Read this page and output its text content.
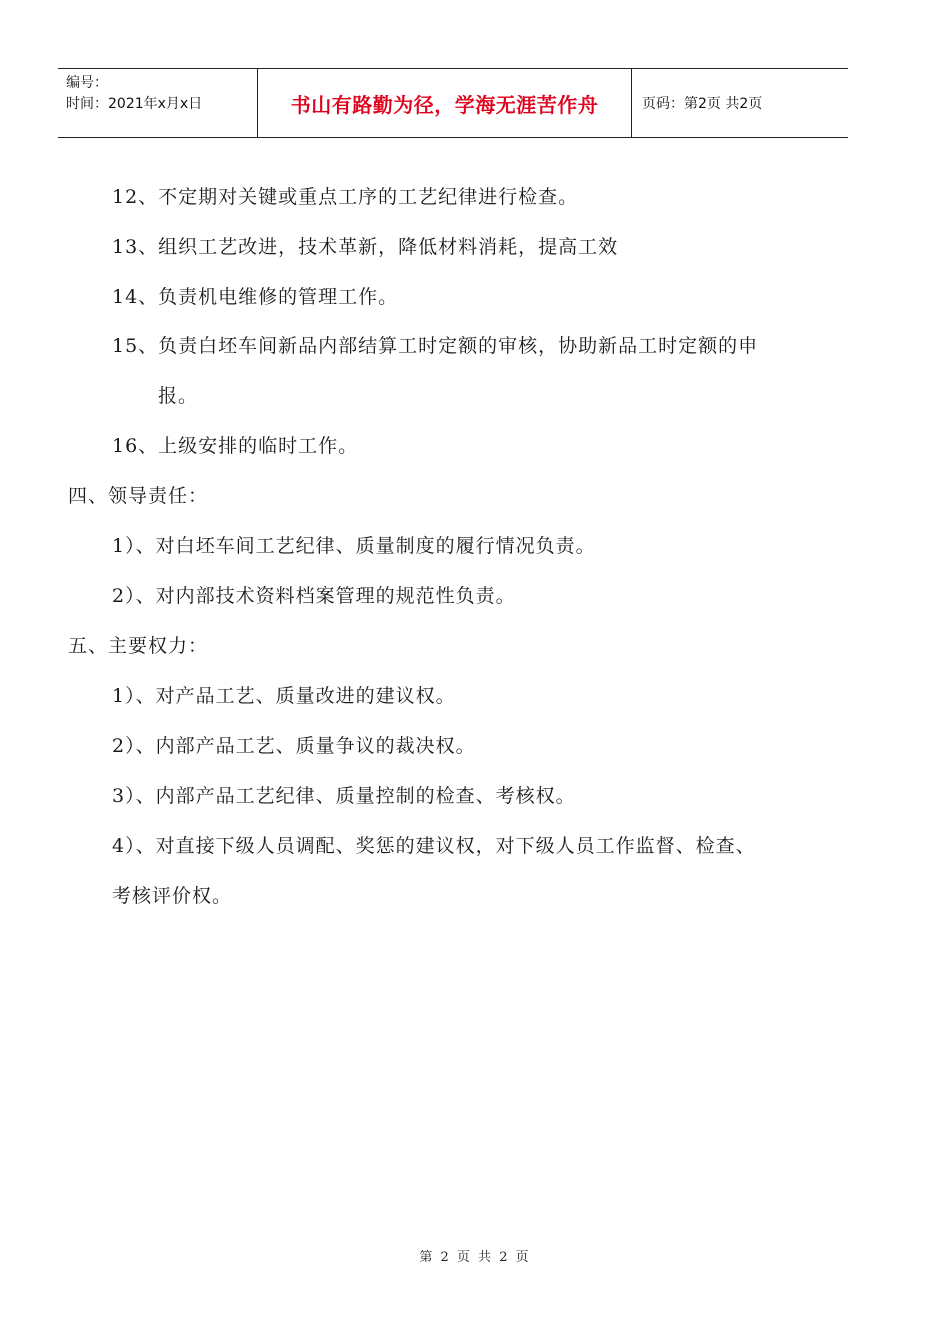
编号：
时间：2021年x月x日	书山有路勤为径，学海无涯苦作舟	页码：第2页 共2页
12、不定期对关键或重点工序的工艺纪律进行检查。
13、组织工艺改进，技术革新，降低材料消耗，提高工效
14、负责机电维修的管理工作。
15、负责白坯车间新品内部结算工时定额的审核，协助新品工时定额的申
报。
16、上级安排的临时工作。
四、领导责任：
1）、对白坯车间工艺纪律、质量制度的履行情况负责。
2）、对内部技术资料档案管理的规范性负责。
五、主要权力：
1）、对产品工艺、质量改进的建议权。
2）、内部产品工艺、质量争议的裁决权。
3）、内部产品工艺纪律、质量控制的检查、考核权。
4）、对直接下级人员调配、奖惩的建议权，对下级人员工作监督、检查、
考核评价权。
第 2 页 共 2 页
